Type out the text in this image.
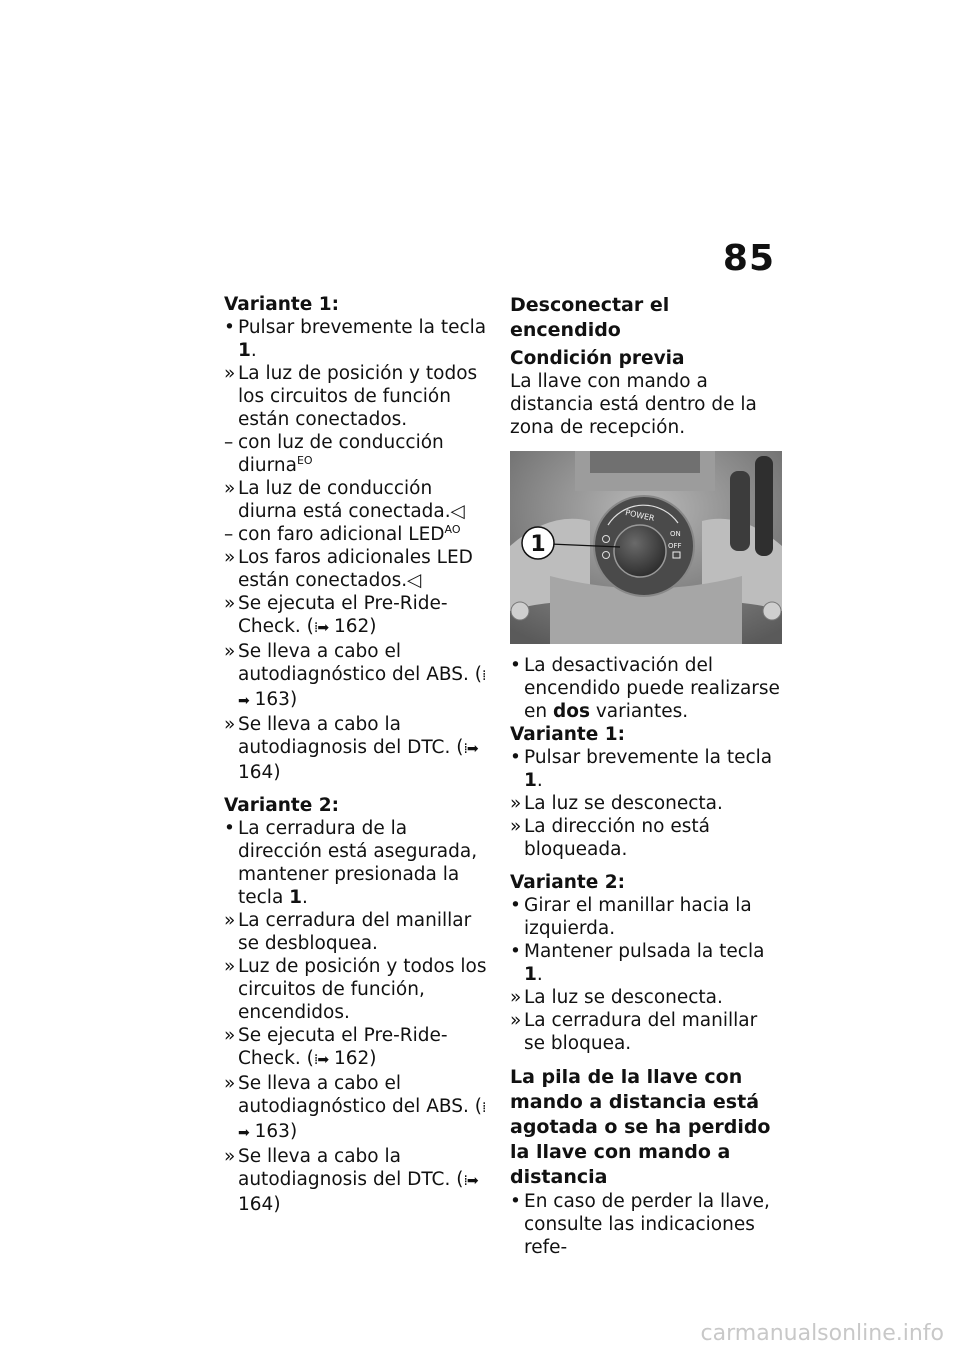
85

Variante 1:

• Pulsar brevemente la tecla 1.

» La luz de posición y todos los circuitos de función están conectados.

– con luz de conducción diurna$^{EO}$

» La luz de conducción diurna está conectada.◁

– con faro adicional $LED^{AO}$

» Los faros adicionales LED están conectados.◁

» Se ejecuta el Pre-Ride-Check. (⁞➡ 162)

» Se lleva a cabo el autodiagnóstico del ABS. (⁞➡ 163)

» Se lleva a cabo la autodiagnosis del DTC. (⁞➡ 164)

Variante 2:

• La cerradura de la dirección está asegurada, mantener presionada la tecla 1.

» La cerradura del manillar se desbloquea.

» Luz de posición y todos los circuitos de función, encendidos.

» Se ejecuta el Pre-Ride-Check. (⁞➡ 162)

» Se lleva a cabo el autodiagnóstico del ABS. (⁞➡ 163)

» Se lleva a cabo la autodiagnosis del DTC. (⁞➡ 164)

Desconectar el encendido

Condición previa

La llave con mando a distancia está dentro de la zona de recepción.

POWER
ON
OFF
1

• La desactivación del encendido puede realizarse en dos variantes.

Variante 1:

• Pulsar brevemente la tecla 1.

» La luz se desconecta.

» La dirección no está bloqueada.

Variante 2:

• Girar el manillar hacia la izquierda.

• Mantener pulsada la tecla 1.

» La luz se desconecta.

» La cerradura del manillar se bloquea.

La pila de la llave con mando a distancia está agotada o se ha perdido la llave con mando a distancia

• En caso de perder la llave, consulte las indicaciones refe-

carmanualsonline.info
